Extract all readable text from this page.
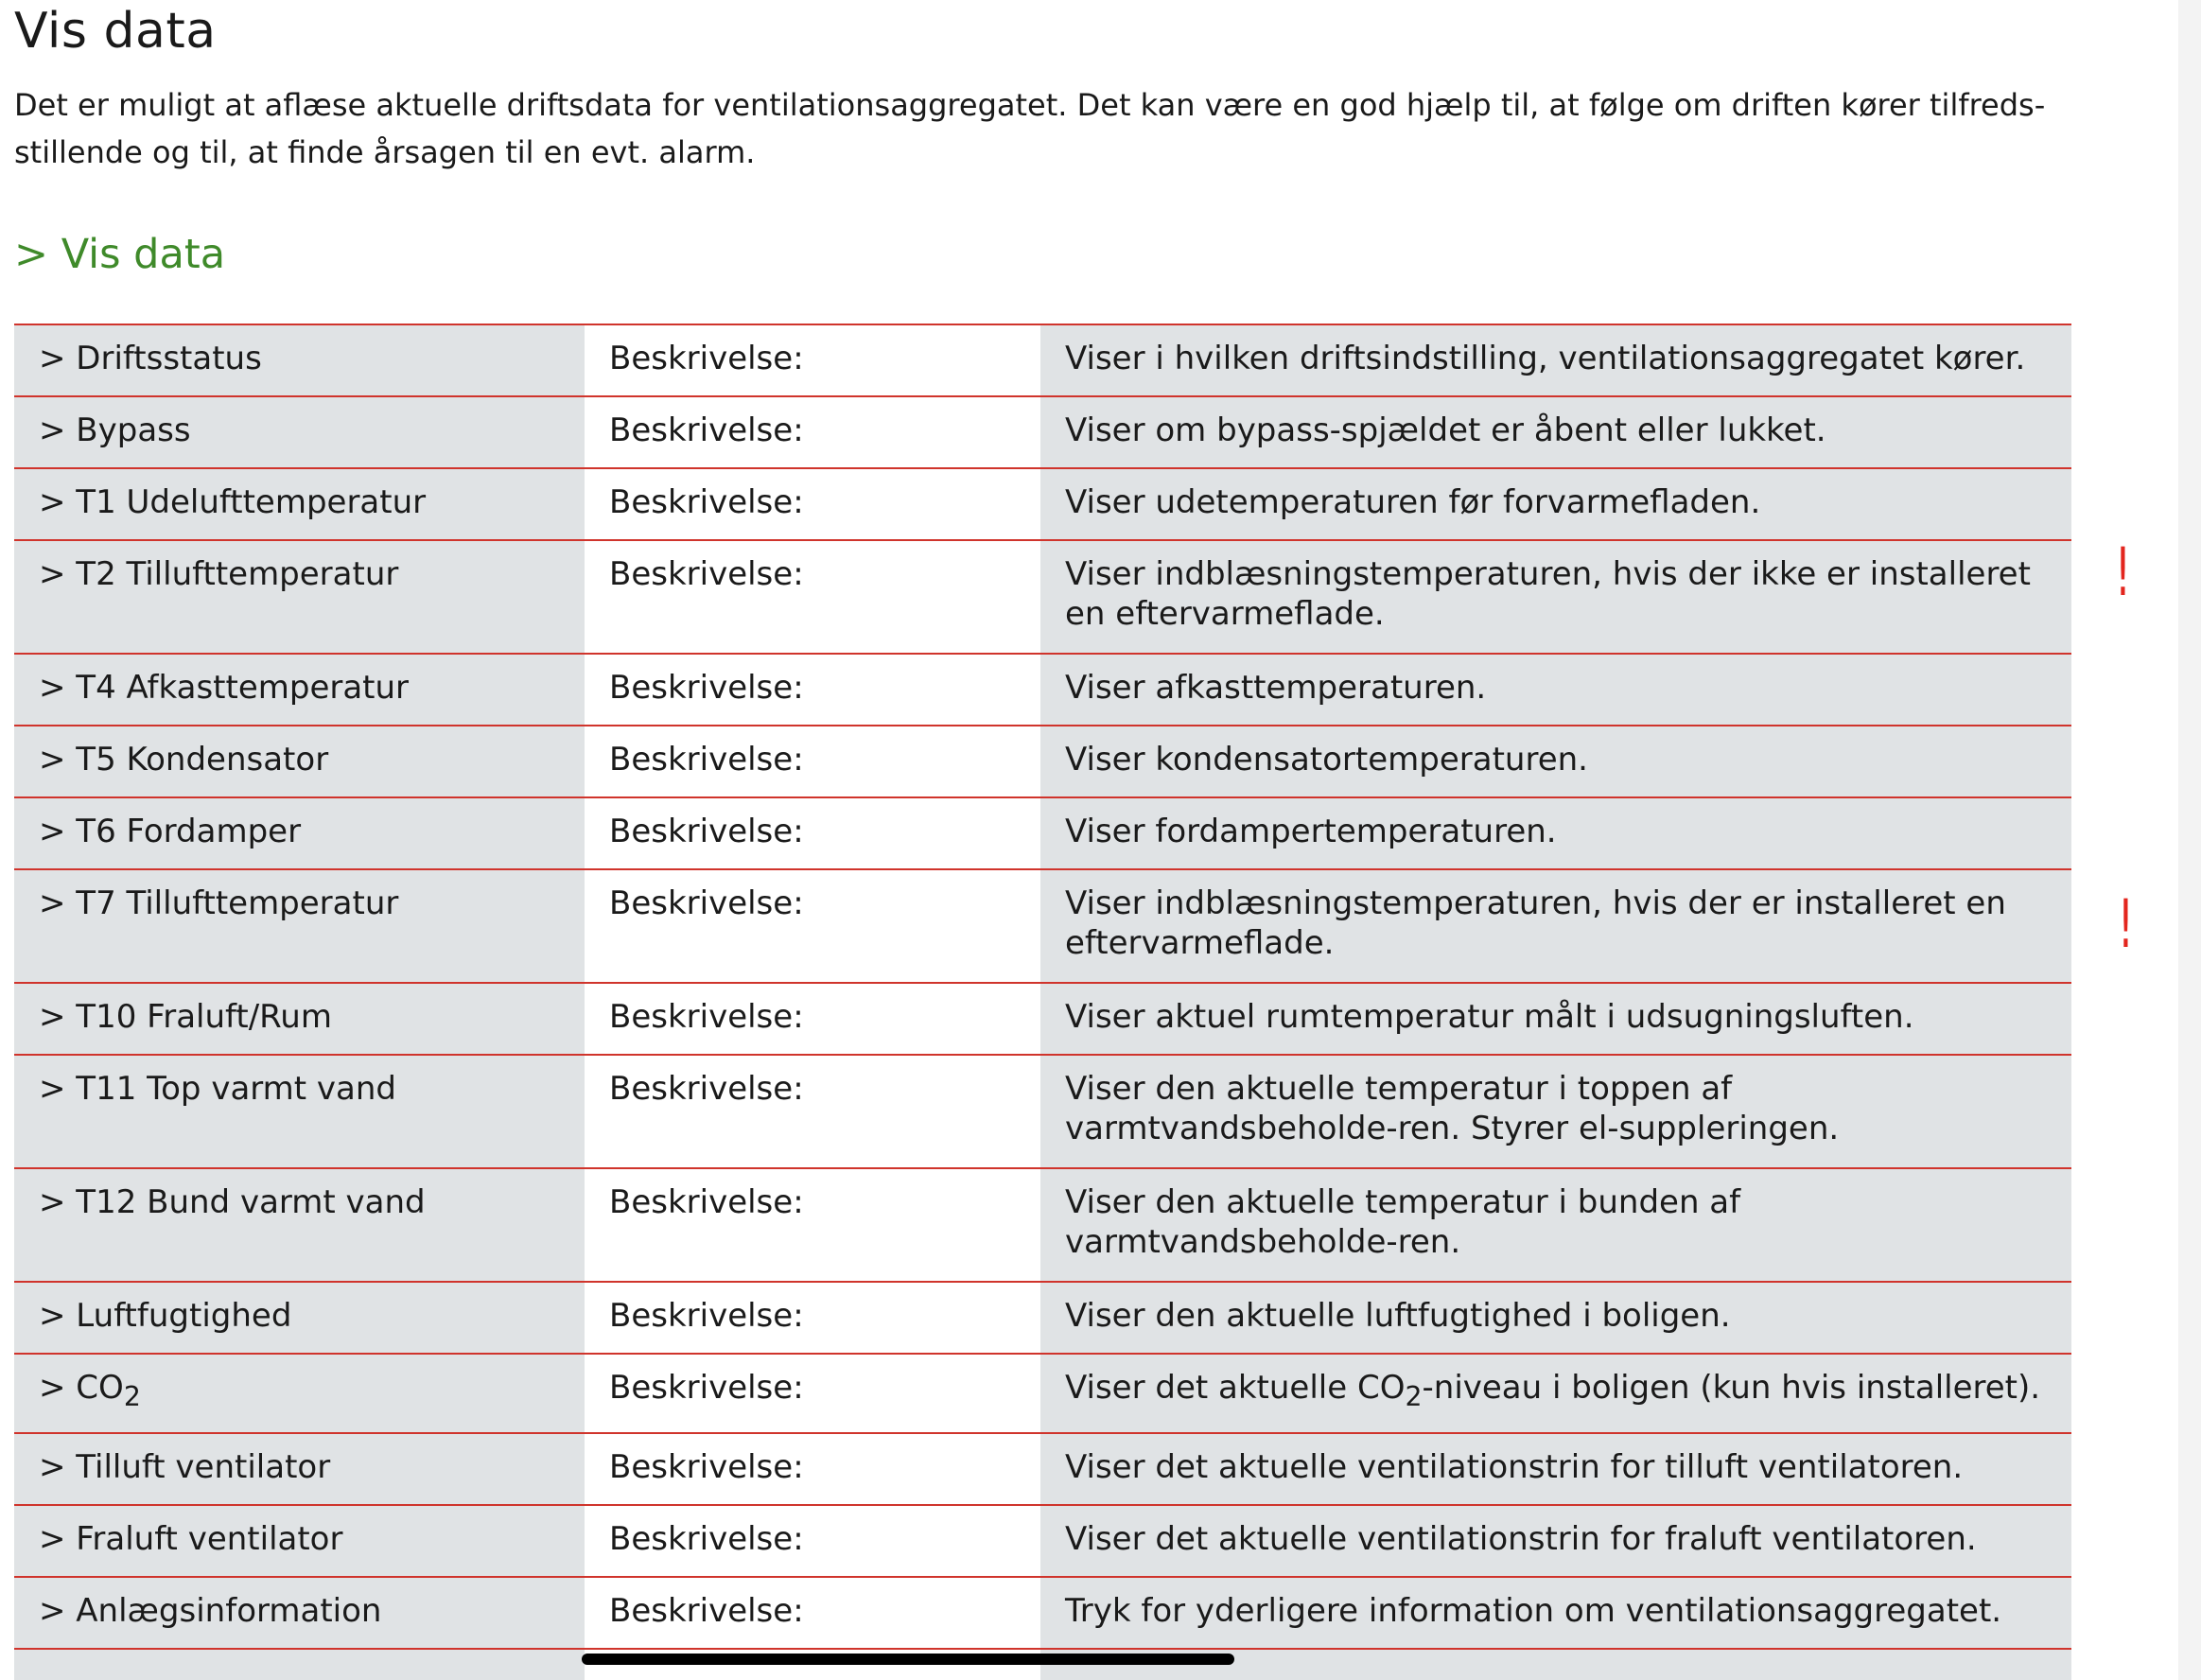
Vis data

Det er muligt at aflæse aktuelle driftsdata for ventilationsaggregatet. Det kan være en god hjælp til, at følge om driften kører tilfreds-stillende og til, at finde årsagen til en evt. alarm.

> Vis data

> Driftsstatus	Beskrivelse:	Viser i hvilken driftsindstilling, ventilationsaggregatet kører.
> Bypass	Beskrivelse:	Viser om bypass-spjældet er åbent eller lukket.
> T1 Udelufttemperatur	Beskrivelse:	Viser udetemperaturen før forvarmefladen.
> T2 Tillufttemperatur	Beskrivelse:	Viser indblæsningstemperaturen, hvis der ikke er installeret en eftervarmeflade.
> T4 Afkasttemperatur	Beskrivelse:	Viser afkasttemperaturen.
> T5 Kondensator	Beskrivelse:	Viser kondensatortemperaturen.
> T6 Fordamper	Beskrivelse:	Viser fordampertemperaturen.
> T7 Tillufttemperatur	Beskrivelse:	Viser indblæsningstemperaturen, hvis der er installeret en eftervarmeflade.
> T10 Fraluft/Rum	Beskrivelse:	Viser aktuel rumtemperatur målt i udsugningsluften.
> T11 Top varmt vand	Beskrivelse:	Viser den aktuelle temperatur i toppen af varmtvandsbeholde-ren. Styrer el-suppleringen.
> T12 Bund varmt vand	Beskrivelse:	Viser den aktuelle temperatur i bunden af varmtvandsbeholde-ren.
> Luftfugtighed	Beskrivelse:	Viser den aktuelle luftfugtighed i boligen.
> $CO_2$	Beskrivelse:	Viser det aktuelle $CO_2$-niveau i boligen (kun hvis installeret).
> Tilluft ventilator	Beskrivelse:	Viser det aktuelle ventilationstrin for tilluft ventilatoren.
> Fraluft ventilator	Beskrivelse:	Viser det aktuelle ventilationstrin for fraluft ventilatoren.
> Anlægsinformation	Beskrivelse:	Tryk for yderligere information om ventilationsaggregatet.

!
!
